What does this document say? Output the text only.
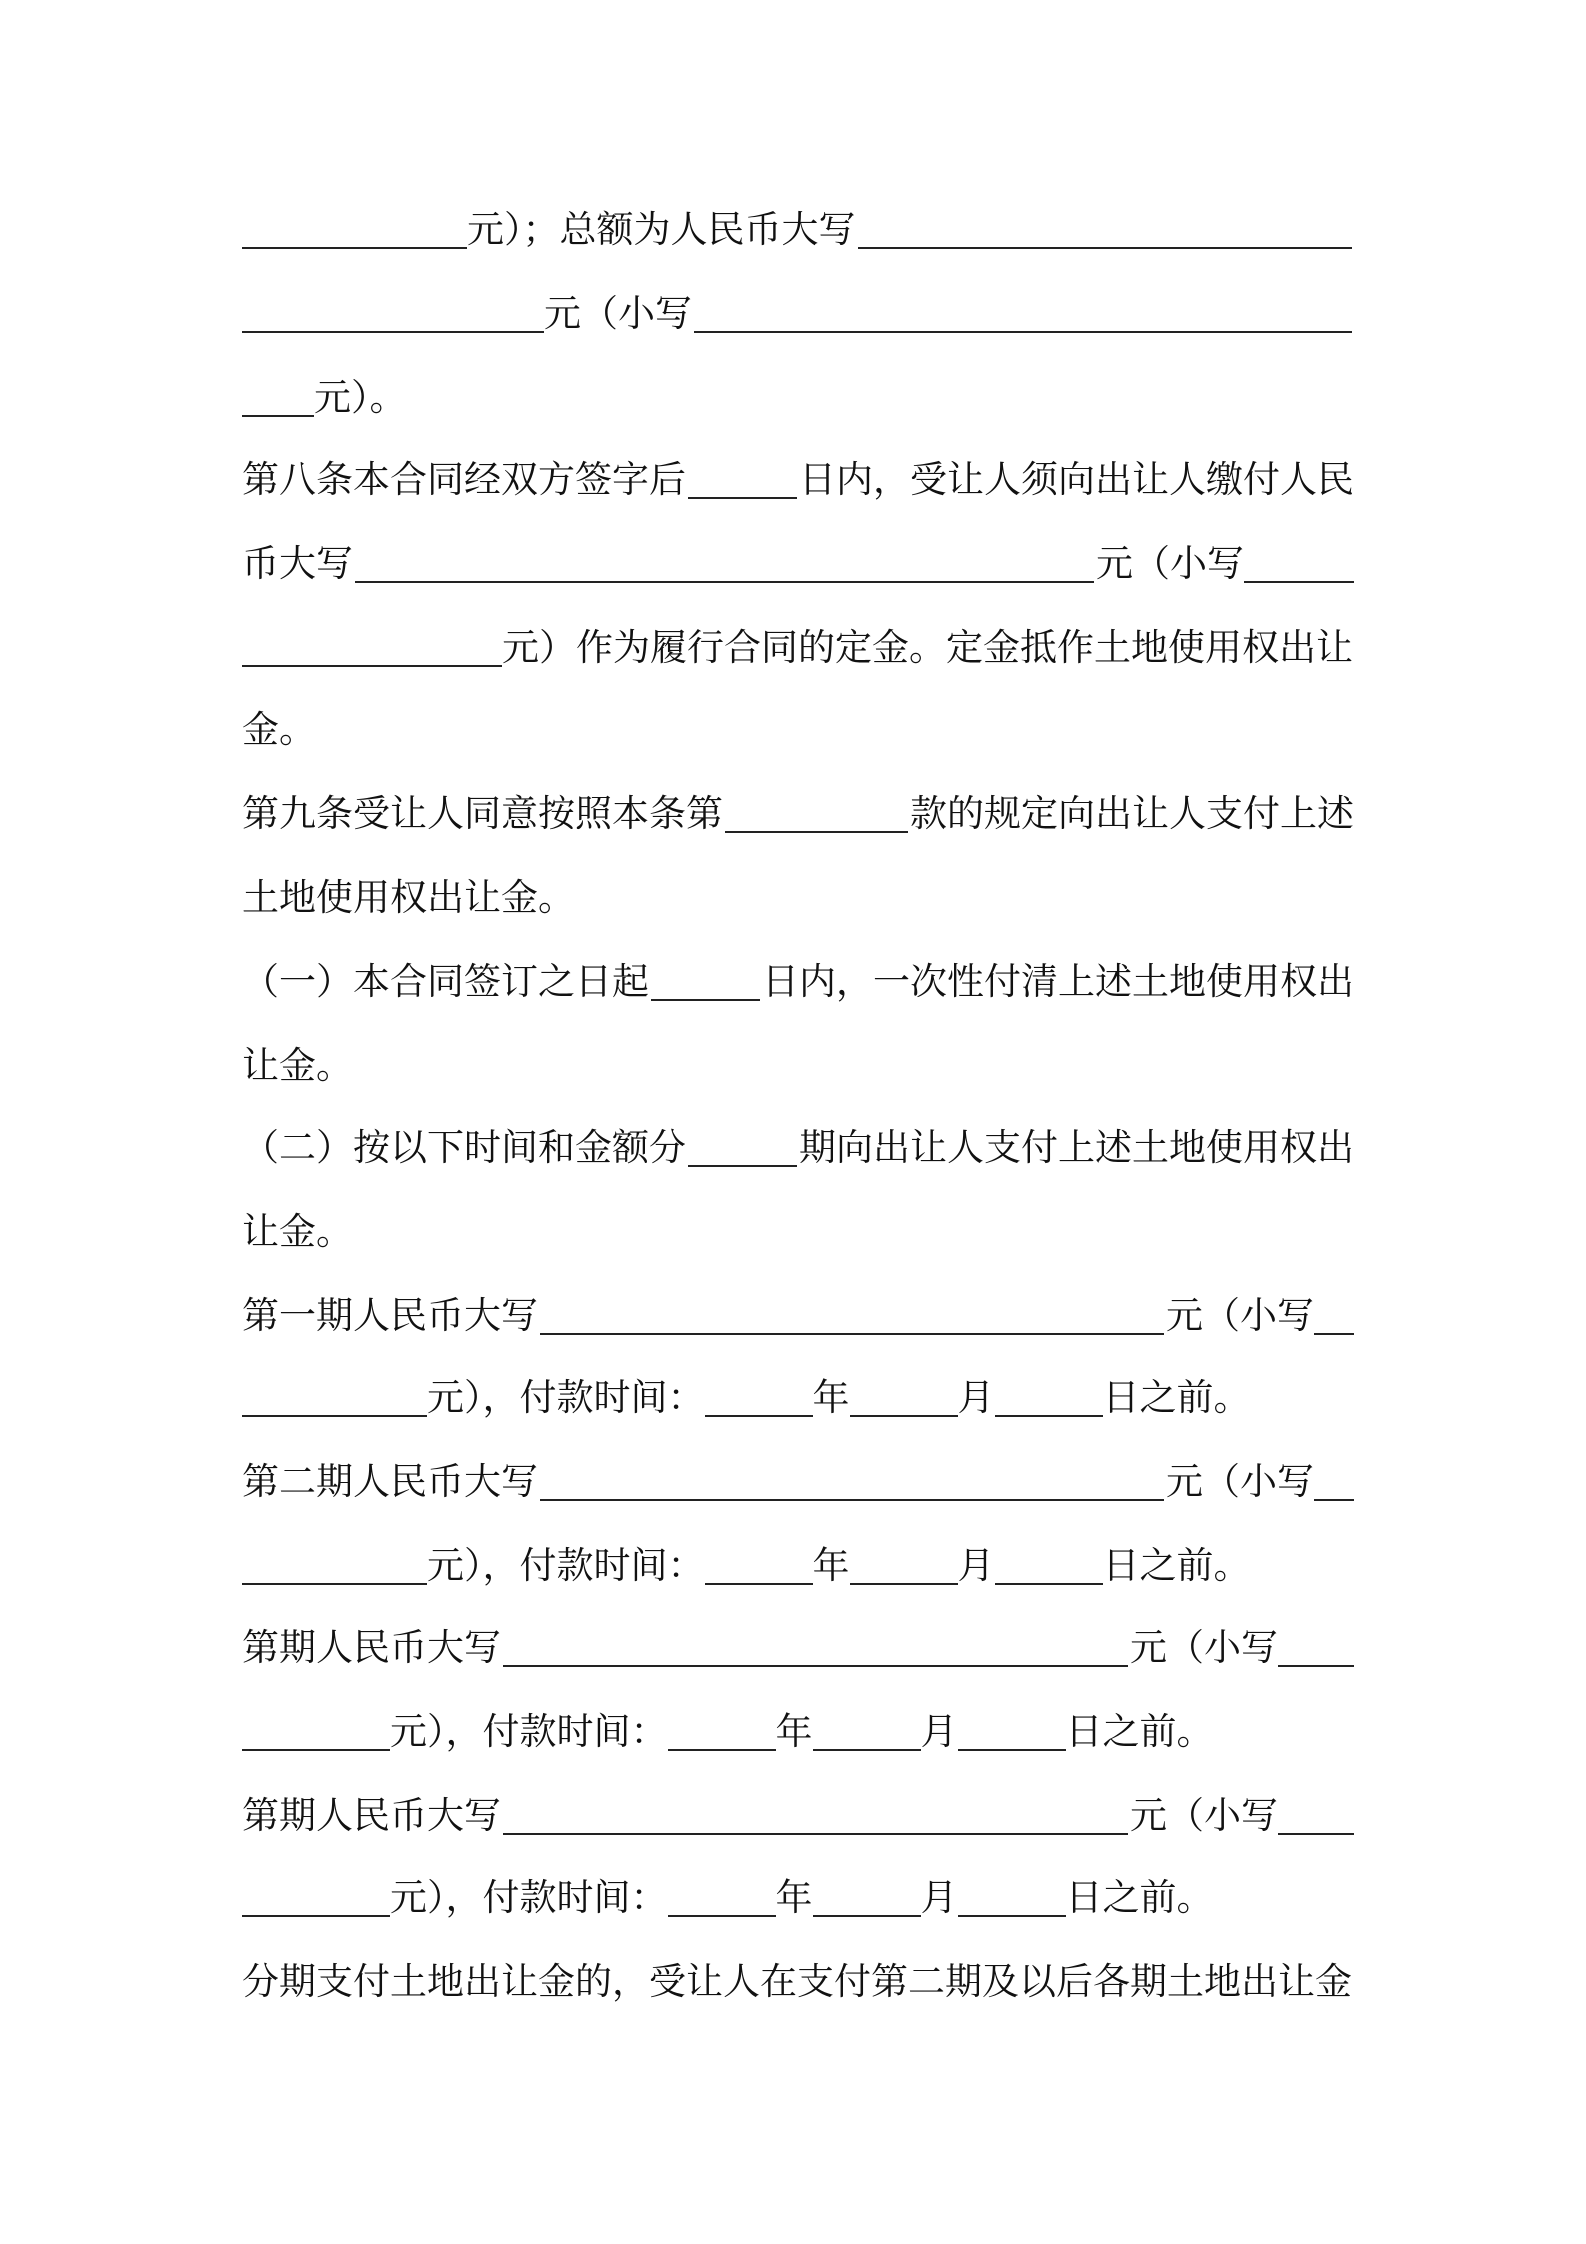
元）；总额为人民币大写
元（小写
元）。
第八条本合同经双方签字后	日内，受让人须向出让人缴付人民
币大写	元（小写
元）作为履行合同的定金。定金抵作土地使用权出让
金。
第九条受让人同意按照本条第	款的规定向出让人支付上述
土地使用权出让金。
（一）本合同签订之日起	日内，一次性付清上述土地使用权出
让金。
（二）按以下时间和金额分	期向出让人支付上述土地使用权出
让金。
第一期人民币大写	元（小写
元），付款时间：	年	月	日之前。
第二期人民币大写	元（小写
元），付款时间：	年	月	日之前。
第期人民币大写	元（小写
元），付款时间：	年	月	日之前。
第期人民币大写	元（小写
元），付款时间：	年	月	日之前。
分期支付土地出让金的，受让人在支付第二期及以后各期土地出让金
